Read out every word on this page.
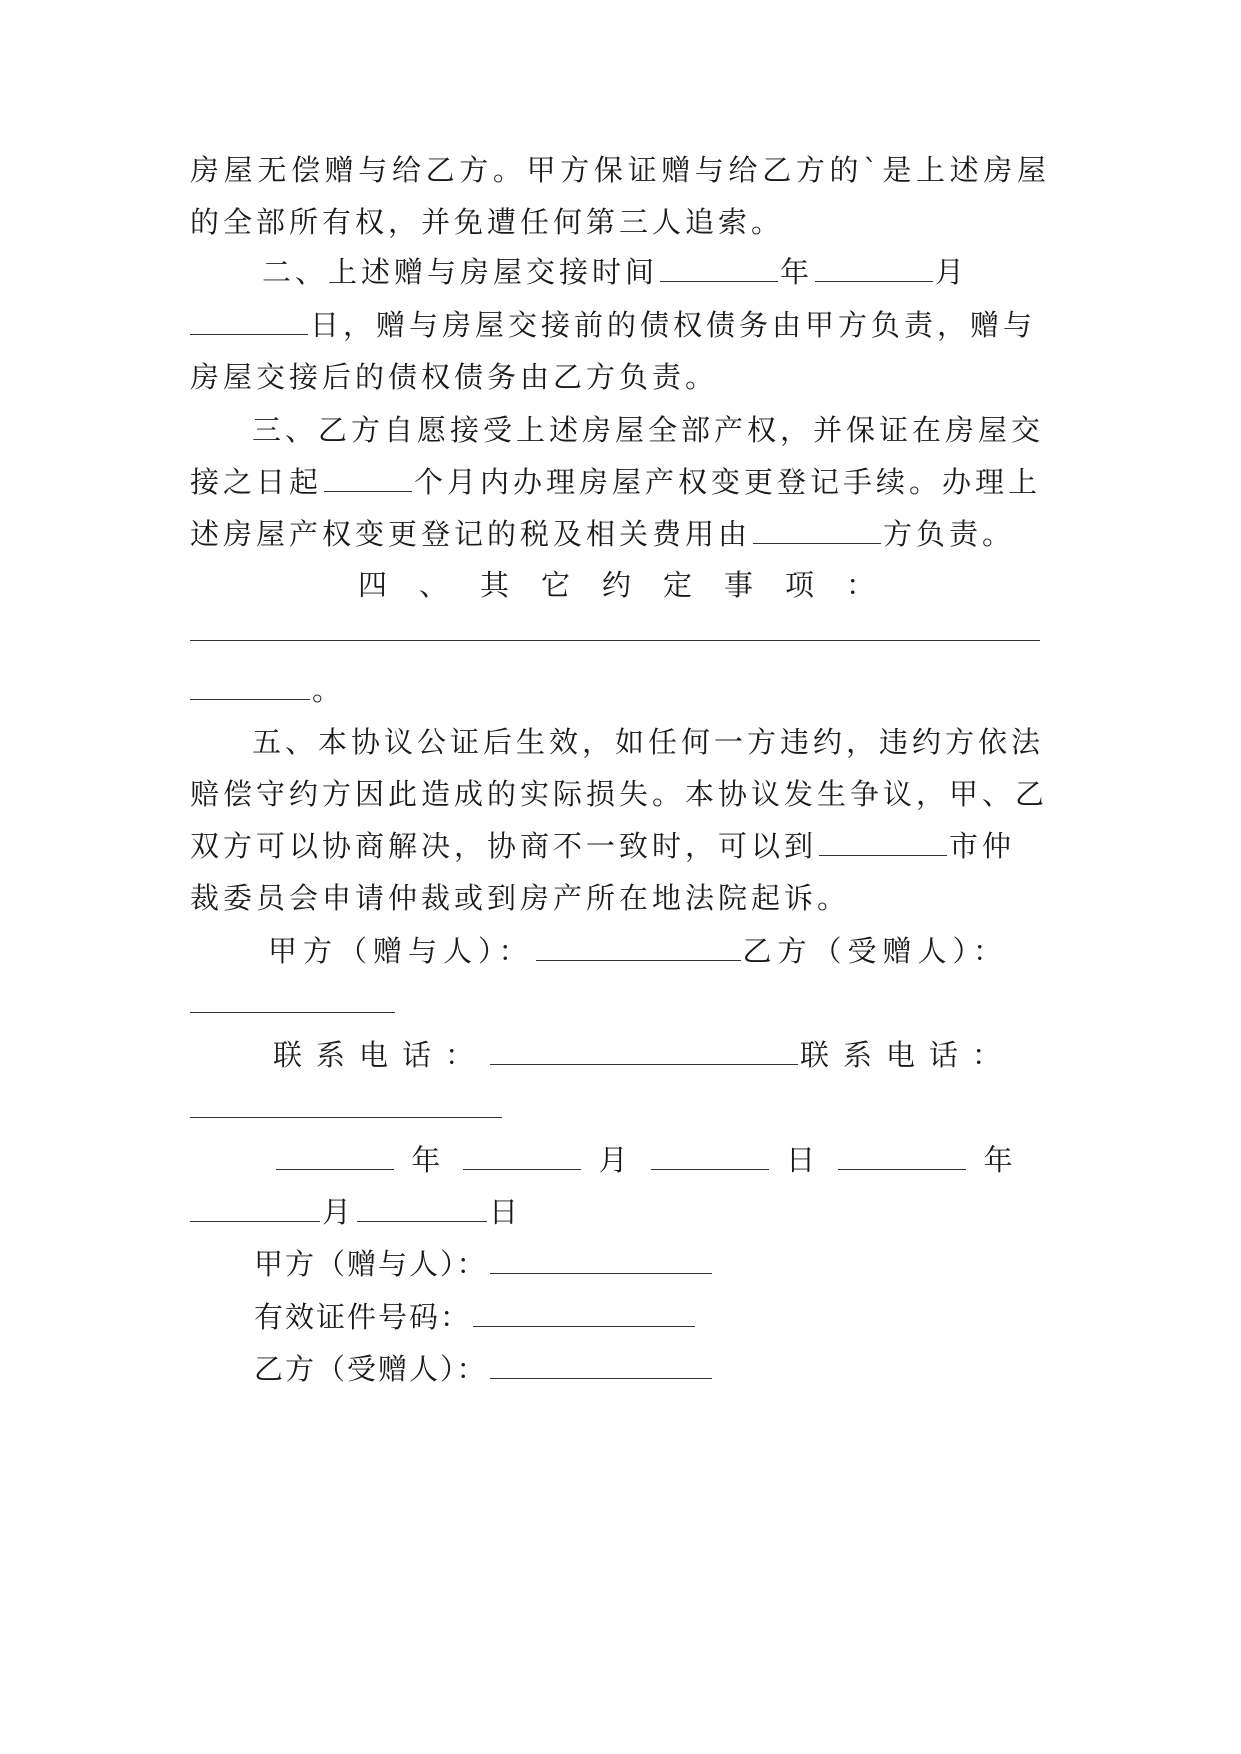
房屋无偿赠与给乙方。甲方保证赠与给乙方的`是上述房屋
的全部所有权，并免遭任何第三人追索。
二、上述赠与房屋交接时间	年	月
日，赠与房屋交接前的债权债务由甲方负责，赠与
房屋交接后的债权债务由乙方负责。
三、乙方自愿接受上述房屋全部产权，并保证在房屋交
接之日起	个月内办理房屋产权变更登记手续。办理上
述房屋产权变更登记的税及相关费用由	方负责。
四、其它约定事项：
。
五、本协议公证后生效，如任何一方违约，违约方依法
赔偿守约方因此造成的实际损失。本协议发生争议，甲、乙
双方可以协商解决，协商不一致时，可以到	市仲
裁委员会申请仲裁或到房产所在地法院起诉。
甲方（赠与人）：	乙方（受赠人）：
联系电话：	联系电话：
年	月	日	年
月	日
甲方（赠与人）：
有效证件号码：
乙方（受赠人）：
